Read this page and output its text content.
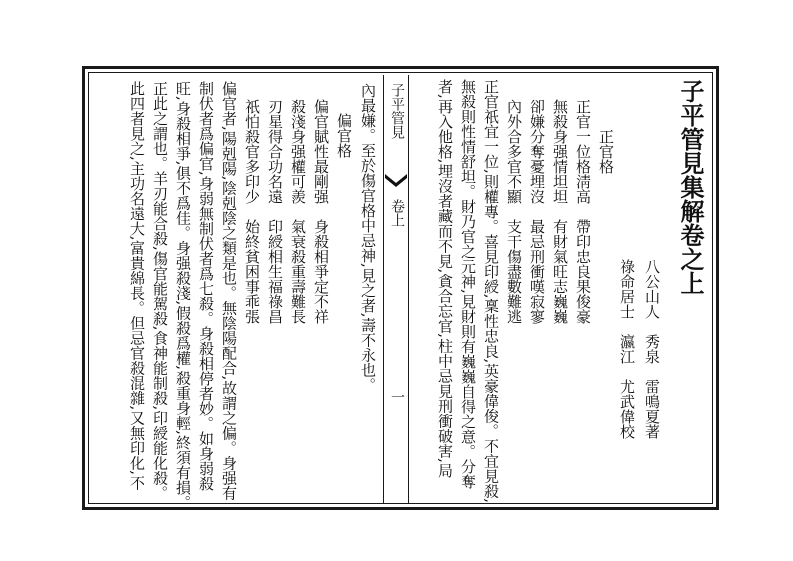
子平管見集解卷之上
八公山人　秀泉　雷鳴夏著
祿命居士　瀛江　尤武偉校
正官格
正官一位格淸高　帶印忠良果俊豪
無殺身强情坦坦　有財氣旺志巍巍
卻嫌分奪憂埋沒　最忌刑衝嘆寂寥
內外合多官不顯　支干傷盡數難逃
正官祇宜一位,則權專。喜見印綬,稟性忠良,英豪偉俊。不宜見殺,
無殺則性情舒坦。財乃官之元神,見財則有巍巍自得之意。分奪
者,再入他格,埋沒者藏而不見,貪合忘官,柱中忌見刑衝破害,局
子平管見
卷上
一
內最嫌。至於傷官格中忌神,見之者,壽不永也。
偏官格
偏官賦性最剛强　身殺相爭定不祥
殺淺身强權可羨　氣衰殺重壽難長
刃星得合功名遠　印綬相生福祿昌
祇怕殺官多印少　始終貧困事乖張
偏官者,陽剋陽,陰剋陰之類是也。無陰陽配合,故謂之偏。身强有
制伏者爲偏官,身弱無制伏者爲七殺。身殺相停者妙。如身弱殺
旺,身殺相爭,俱不爲佳。身强殺淺,假殺爲權,殺重身輕,終須有損。
正此之謂也。羊刃能合殺,傷官能駕殺,食神能制殺,印綬能化殺。
此四者見之,主功名遠大,富貴綿長。但忌官殺混雜,又無印化,不
